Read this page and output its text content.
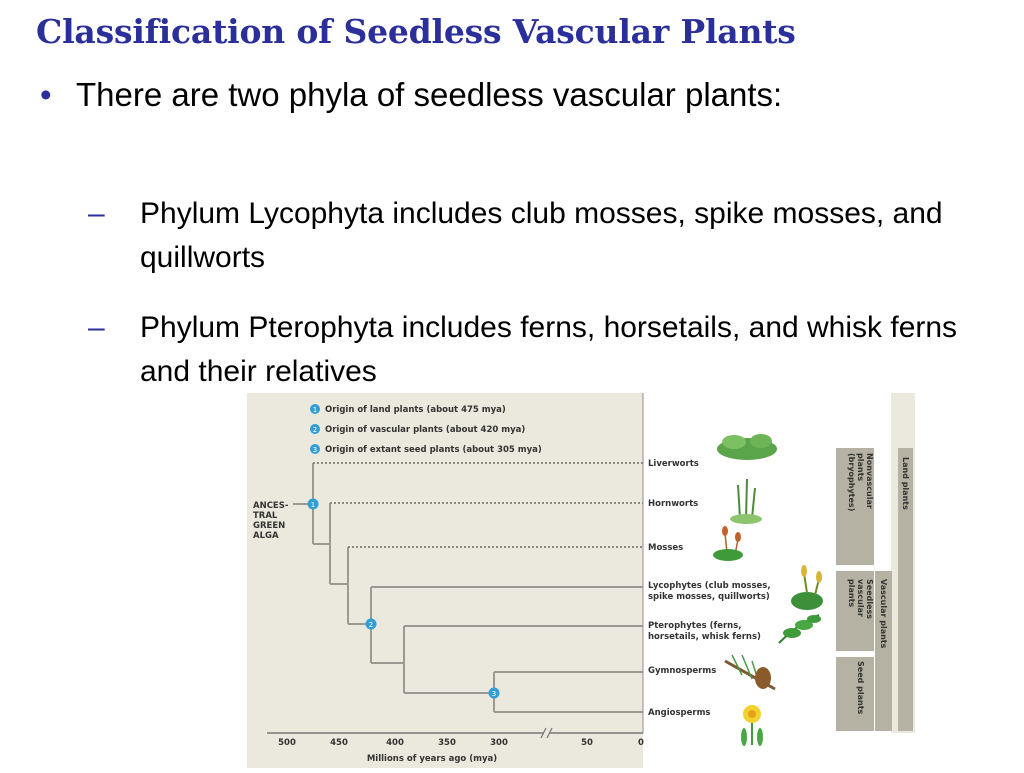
Classification of Seedless Vascular Plants
• There are two phyla of seedless vascular plants:
– Phylum Lycophyta includes club mosses, spike mosses, and quillworts
– Phylum Pterophyta includes ferns, horsetails, and whisk ferns and their relatives
1 Origin of land plants (about 475 mya)
2 Origin of vascular plants (about 420 mya)
3 Origin of extant seed plants (about 305 mya)
ANCES-
TRAL
GREEN
ALGA
1
2
3
Liverworts
Hornworts
Mosses
Lycophytes (club mosses,
spike mosses, quillworts)
Pterophytes (ferns,
horsetails, whisk ferns)
Gymnosperms
Angiosperms
Nonvascular
plants
(bryophytes)
Seedless
vascular
plants
Seed plants
Vascular plants
Land plants
500	450	400	350	300	50	0
Millions of years ago (mya)
